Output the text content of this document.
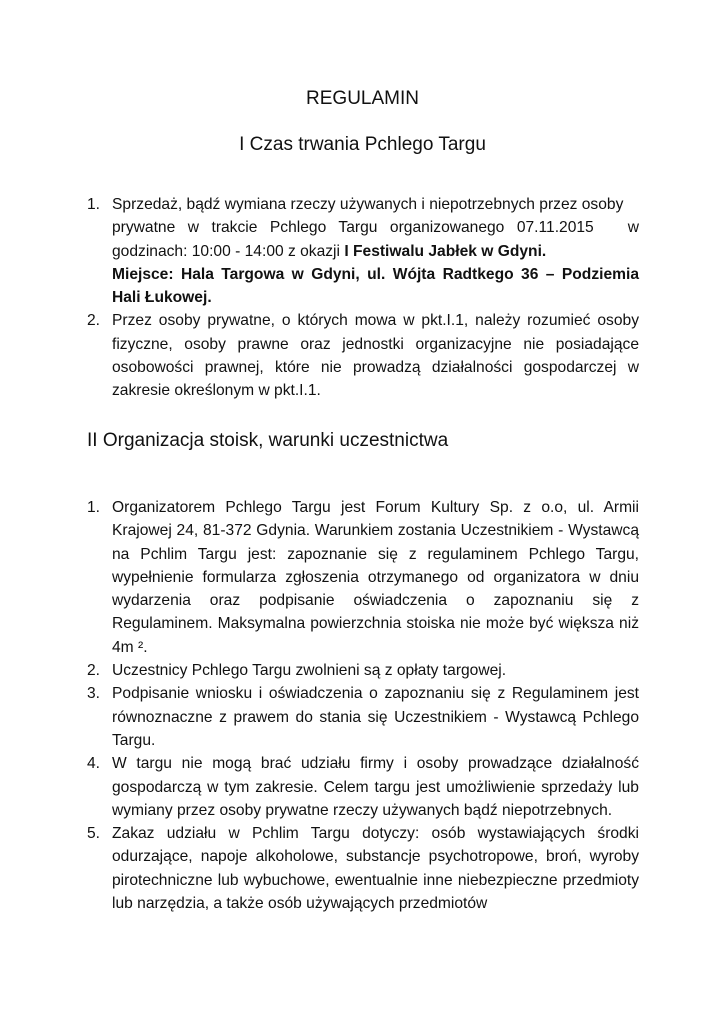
REGULAMIN
I Czas trwania Pchlego Targu
1. Sprzedaż, bądź wymiana rzeczy używanych i niepotrzebnych przez osoby
prywatne w trakcie Pchlego Targu organizowanego 07.11.2015 w
godzinach: 10:00 - 14:00 z okazji I Festiwalu Jabłek w Gdyni.
Miejsce: Hala Targowa w Gdyni, ul. Wójta Radtkego 36 – Podziemia Hali Łukowej.
2. Przez osoby prywatne, o których mowa w pkt.I.1, należy rozumieć osoby fizyczne, osoby prawne oraz jednostki organizacyjne nie posiadające osobowości prawnej, które nie prowadzą działalności gospodarczej w zakresie określonym w pkt.I.1.
II Organizacja stoisk, warunki uczestnictwa
1. Organizatorem Pchlego Targu jest Forum Kultury Sp. z o.o, ul. Armii Krajowej 24, 81-372 Gdynia. Warunkiem zostania Uczestnikiem - Wystawcą na Pchlim Targu jest: zapoznanie się z regulaminem Pchlego Targu, wypełnienie formularza zgłoszenia otrzymanego od organizatora w dniu wydarzenia oraz podpisanie oświadczenia o zapoznaniu się z Regulaminem. Maksymalna powierzchnia stoiska nie może być większa niż 4m ².
2. Uczestnicy Pchlego Targu zwolnieni są z opłaty targowej.
3. Podpisanie wniosku i oświadczenia o zapoznaniu się z Regulaminem jest równoznaczne z prawem do stania się Uczestnikiem - Wystawcą Pchlego Targu.
4. W targu nie mogą brać udziału firmy i osoby prowadzące działalność gospodarczą w tym zakresie. Celem targu jest umożliwienie sprzedaży lub wymiany przez osoby prywatne rzeczy używanych bądź niepotrzebnych.
5. Zakaz udziału w Pchlim Targu dotyczy: osób wystawiających środki odurzające, napoje alkoholowe, substancje psychotropowe, broń, wyroby pirotechniczne lub wybuchowe, ewentualnie inne niebezpieczne przedmioty lub narzędzia, a także osób używających przedmiotów
